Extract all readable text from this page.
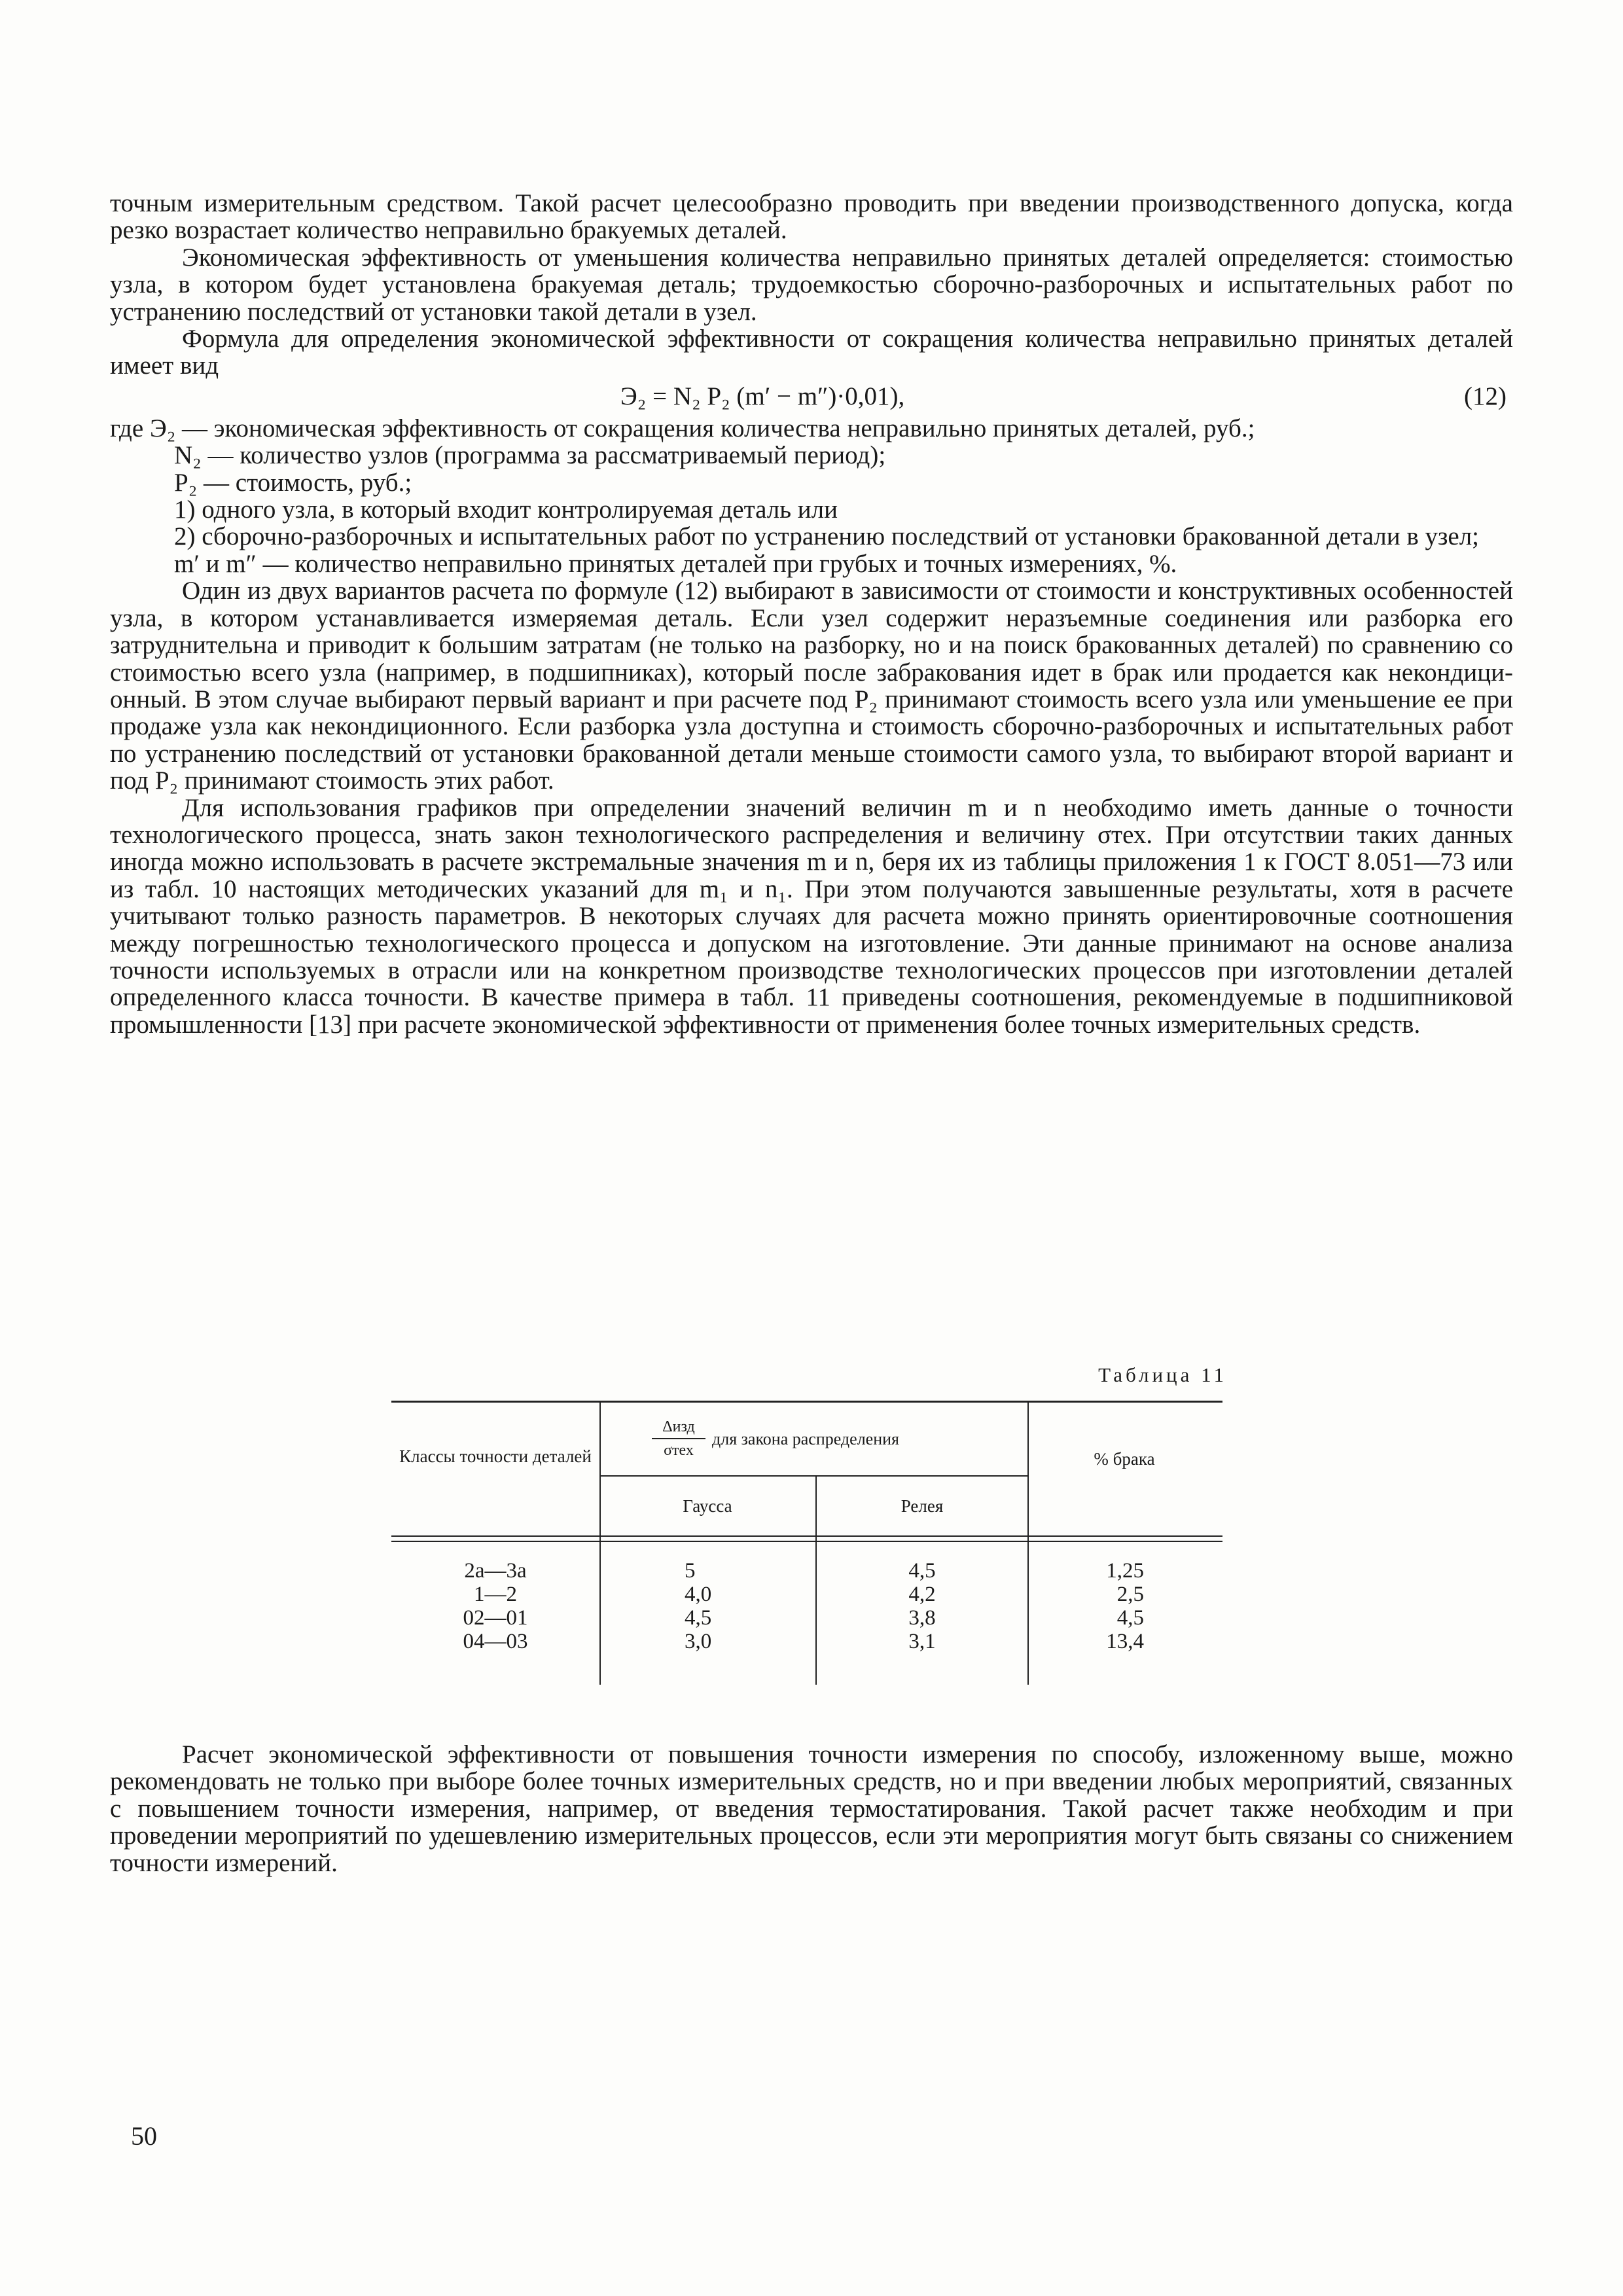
точным измерительным средством. Такой расчет целесообразно проводить при введении производственного допуска, когда резко возрастает количество неправильно бракуемых деталей.

Экономическая эффективность от уменьшения количества неправильно принятых деталей определяется: стоимостью узла, в котором будет установлена бракуемая деталь; трудоемкостью сборочно-разборочных и испытательных работ по устранению последствий от установки такой детали в узел.

Формула для определения экономической эффективности от сокращения количества неправильно принятых деталей имеет вид

Э₂ = N₂ P₂ (m′ − m″)·0,01),	(12)

где Э₂ — экономическая эффективность от сокращения количества неправильно принятых деталей, руб.;

N₂ — количество узлов (программа за рассматриваемый период);

P₂ — стоимость, руб.;

1) одного узла, в который входит контролируемая деталь или

2) сборочно-разборочных и испытательных работ по устранению последствий от установки бракованной детали в узел;

m′ и m″ — количество неправильно принятых деталей при грубых и точных измерениях, %.

Один из двух вариантов расчета по формуле (12) выбирают в зависимости от стоимости и конструктивных особенностей узла, в котором устанавливается измеряемая деталь. Если узел содержит неразъемные соединения или разборка его затруднительна и приводит к большим затратам (не только на разборку, но и на поиск бракованных деталей) по сравнению со стоимостью всего узла (например, в подшипниках), который после забракования идет в брак или продается как некондиционный. В этом случае выбирают первый вариант и при расчете под P₂ принимают стоимость всего узла или уменьшение ее при продаже узла как некондиционного. Если разборка узла доступна и стоимость сборочно-разборочных и испытательных работ по устранению последствий от установки бракованной детали меньше стоимости самого узла, то выбирают второй вариант и под P₂ принимают стоимость этих работ.

Для использования графиков при определении значений величин m и n необходимо иметь данные о точности технологического процесса, знать закон технологического распределения и величину σтех. При отсутствии таких данных иногда можно использовать в расчете экстремальные значения m и n, беря их из таблицы приложения 1 к ГОСТ 8.051—73 или из табл. 10 настоящих методических указаний для m₁ и n₁. При этом получаются завышенные результаты, хотя в расчете учитывают только разность параметров. В некоторых случаях для расчета можно принять ориентировочные соотношения между погрешностью технологического процесса и допуском на изготовление. Эти данные принимают на основе анализа точности используемых в отрасли или на конкретном производстве технологических процессов при изготовлении деталей определенного класса точности. В качестве примера в табл. 11 приведены соотношения, рекомендуемые в подшипниковой промышленности [13] при расчете экономической эффективности от применения более точных измерительных средств.

Таблица 11
Классы точности деталей
Δизд
σтех
для закона распределения
Гаусса	Релея
% брака
2а—3а
1—2
02—01
04—03
5
4,0
4,5
3,0
4,5
4,2
3,8
3,1
1,25
2,5
4,5
13,4

Расчет экономической эффективности от повышения точности измерения по способу, изложенному выше, можно рекомендовать не только при выборе более точных измерительных средств, но и при введении любых мероприятий, связанных с повышением точности измерения, например, от введения термостатирования. Такой расчет также необходим и при проведении мероприятий по удешевлению измерительных процессов, если эти мероприятия могут быть связаны со снижением точности измерений.

50
